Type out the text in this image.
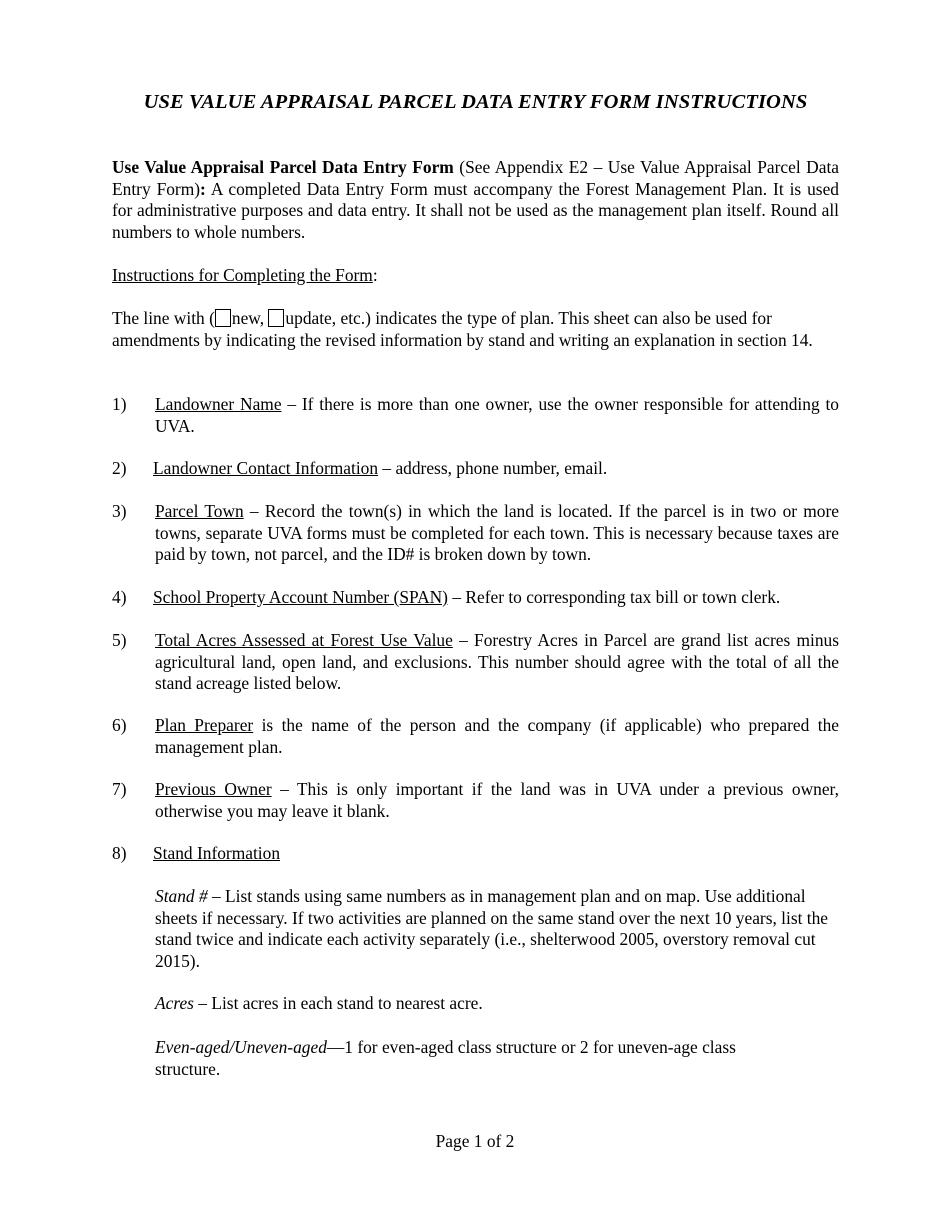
USE VALUE APPRAISAL PARCEL DATA ENTRY FORM INSTRUCTIONS

Use Value Appraisal Parcel Data Entry Form (See Appendix E2 – Use Value Appraisal Parcel Data Entry Form): A completed Data Entry Form must accompany the Forest Management Plan. It is used for administrative purposes and data entry. It shall not be used as the management plan itself. Round all numbers to whole numbers.

Instructions for Completing the Form:

The line with ( new, update, etc.) indicates the type of plan. This sheet can also be used for amendments by indicating the revised information by stand and writing an explanation in section 14.

1) Landowner Name – If there is more than one owner, use the owner responsible for attending to UVA.
2) Landowner Contact Information – address, phone number, email.
3) Parcel Town – Record the town(s) in which the land is located. If the parcel is in two or more towns, separate UVA forms must be completed for each town. This is necessary because taxes are paid by town, not parcel, and the ID# is broken down by town.
4) School Property Account Number (SPAN) – Refer to corresponding tax bill or town clerk.
5) Total Acres Assessed at Forest Use Value – Forestry Acres in Parcel are grand list acres minus agricultural land, open land, and exclusions. This number should agree with the total of all the stand acreage listed below.
6) Plan Preparer is the name of the person and the company (if applicable) who prepared the management plan.
7) Previous Owner – This is only important if the land was in UVA under a previous owner, otherwise you may leave it blank.
8) Stand Information

Stand # – List stands using same numbers as in management plan and on map. Use additional sheets if necessary. If two activities are planned on the same stand over the next 10 years, list the stand twice and indicate each activity separately (i.e., shelterwood 2005, overstory removal cut 2015).

Acres – List acres in each stand to nearest acre.

Even-aged/Uneven-aged—1 for even-aged class structure or 2 for uneven-age class structure.

Page 1 of 2
